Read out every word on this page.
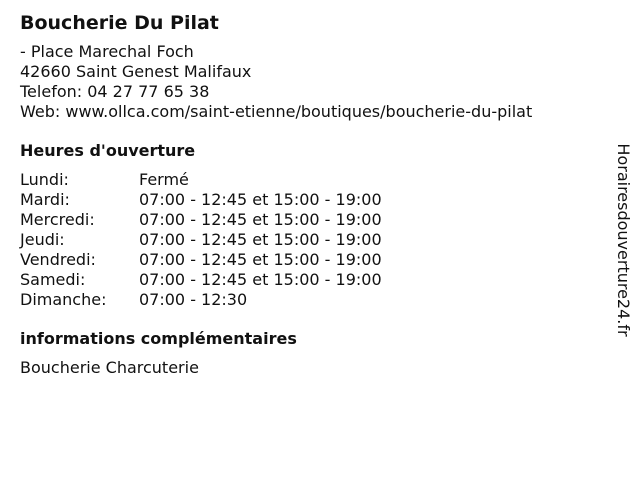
Boucherie Du Pilat
- Place Marechal Foch
42660 Saint Genest Malifaux
Telefon: 04 27 77 65 38
Web: www.ollca.com/saint-etienne/boutiques/boucherie-du-pilat
Heures d'ouverture
Lundi:	Fermé
Mardi:	07:00 - 12:45 et 15:00 - 19:00
Mercredi:	07:00 - 12:45 et 15:00 - 19:00
Jeudi:	07:00 - 12:45 et 15:00 - 19:00
Vendredi:	07:00 - 12:45 et 15:00 - 19:00
Samedi:	07:00 - 12:45 et 15:00 - 19:00
Dimanche:	07:00 - 12:30
informations complémentaires
Boucherie Charcuterie
Horairesdouverture24.fr
